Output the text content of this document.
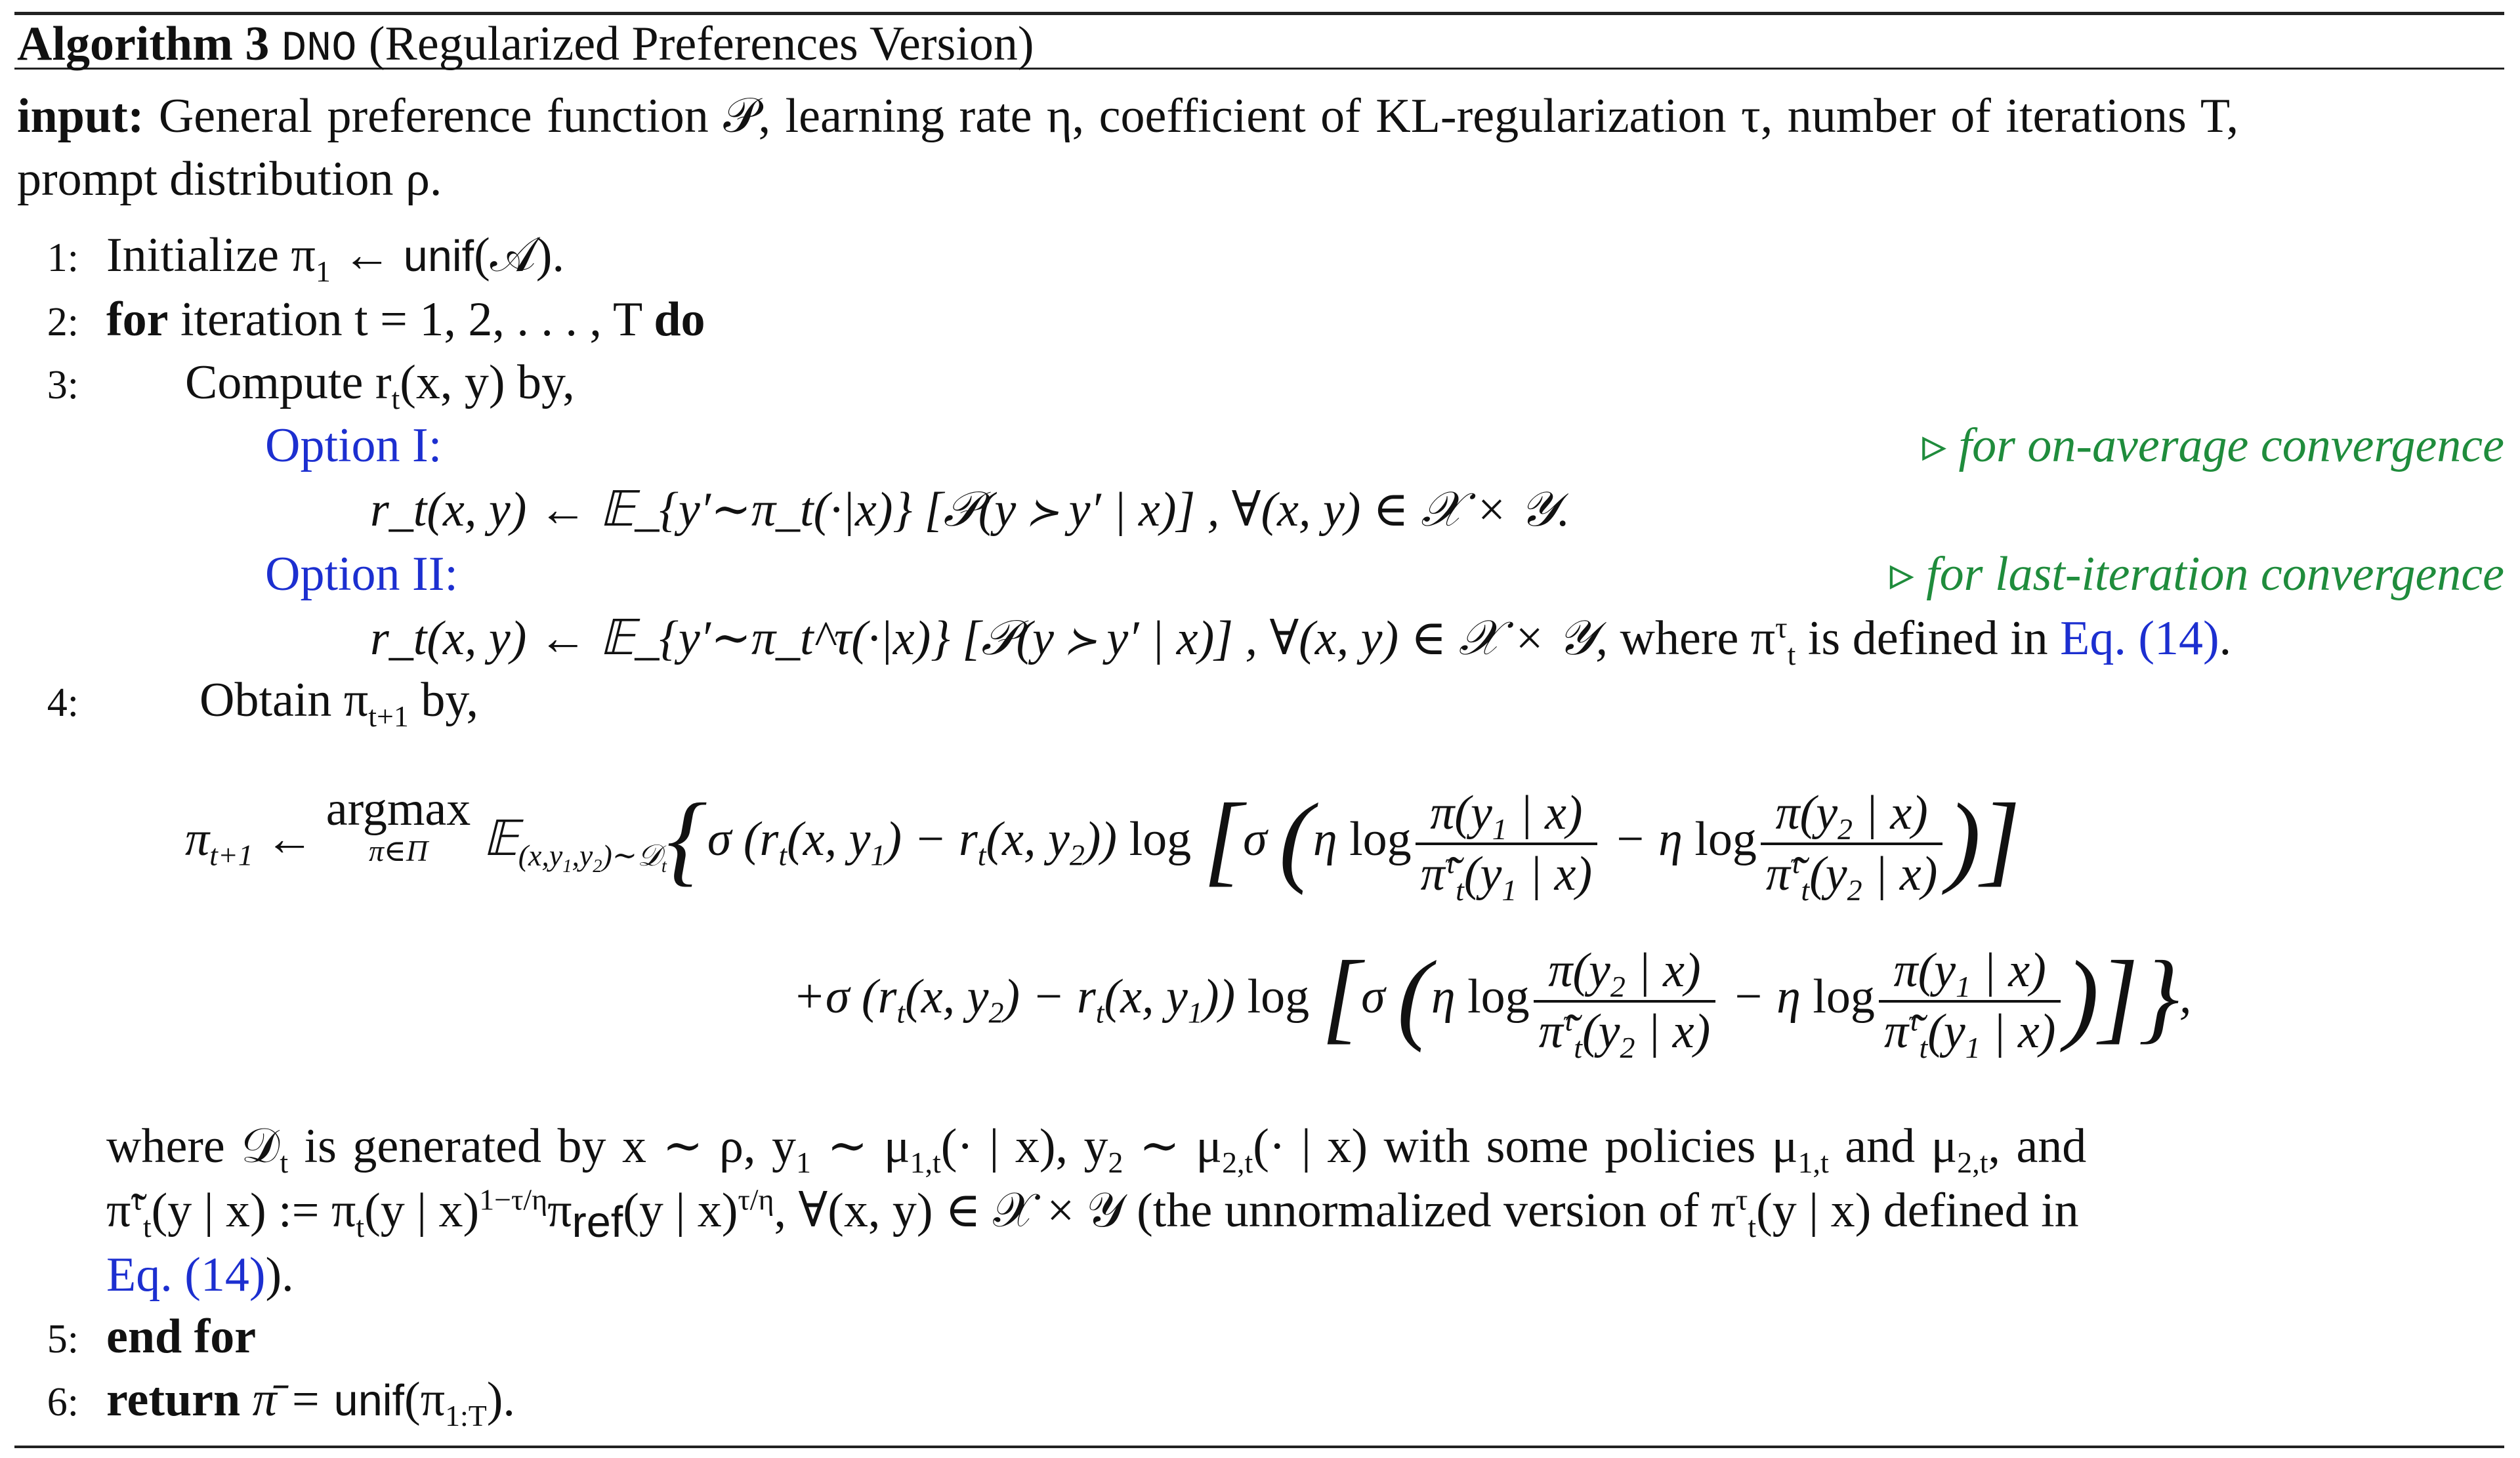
Algorithm 3 DNO (Regularized Preferences Version)
input: General preference function 𝒫, learning rate η, coefficient of KL-regularization τ, number of iterations T,
prompt distribution ρ.
1: Initialize $\pi_1$ ← unif(𝒜).
2: for iteration t = 1, 2, . . . , T do
3: Compute $r_t(x$, y) by,
Option I:	▹ for on-average convergence
r_t(x, y) ← 𝔼_{y′∼π_t(·|x)} [𝒫(y ≻ y′ | x)] , ∀(x, y) ∈ 𝒳 × 𝒴.
Option II:	▹ for last-iteration convergence
r_t(x, y) ← 𝔼_{y′∼π_t^τ(·|x)} [𝒫(y ≻ y′ | x)] , ∀(x, y) ∈ 𝒳 × 𝒴, where $\pi^\tau_t$ is defined in Eq. (14).
4: Obtain $\pi_{t+1}$ by,
$\pi_{t+1}$ ←
argmax
π∈Π 𝔼$_{(x,y_1,y_2)\sim 𝒟_t}${σ ($r_t(x$, $y_1) - r_t(x$, $y_2$)) log [σ (η $\log \frac{\pi(y_1 | x)}{\pĩ^\tau_t(y_1 | x)} - \eta$ $\log \frac{\pi(y_2 | x)}{\pĩ^\tau_t(y_2 | x)}$ )]
+σ ($r_t(x$, $y_2) - r_t(x$, $y_1$)) log [σ (η $\log \frac{\pi(y_2 | x)}{\pĩ^\tau_t(y_2 | x)} - \eta$ $\log \frac{\pi(y_1 | x)}{\pĩ^\tau_t(y_1 | x)}$ )]},
where 𝒟$_t$ is generated by x ∼ ρ, $y_1$ ∼ $\mu_{1,t}(\cdot$ | x), $y_2$ ∼ $\mu_{2,t}(\cdot$ | x) with some policies $\mu_{1,t}$ and $\mu_{2,t}$, and
π̃$^\tau_t$(y | x) := $\pi_t(y$ | $x)^{1-\tau/\eta}\pi_{ref}(y$ | x)$^{\tau/\eta}$, ∀(x, y) ∈ 𝒳 × 𝒴 (the unnormalized version of $\pi^\tau_t(y$ | x) defined in
Eq. (14)).
5: end for
6: return π̄ = $unif(\pi_{1:T})$.
